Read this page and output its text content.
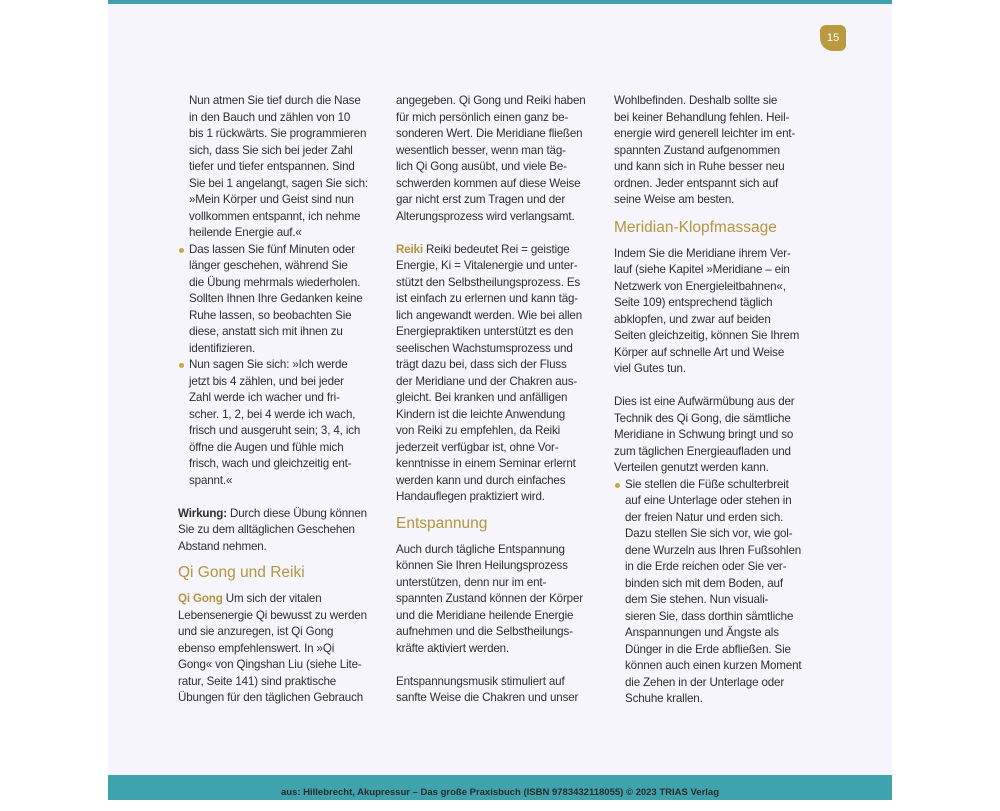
15
Nun atmen Sie tief durch die Nase
in den Bauch und zählen von 10
bis 1 rückwärts. Sie programmieren
sich, dass Sie sich bei jeder Zahl
tiefer und tiefer entspannen. Sind
Sie bei 1 angelangt, sagen Sie sich:
»Mein Körper und Geist sind nun
vollkommen entspannt, ich nehme
heilende Energie auf.«
Das lassen Sie fünf Minuten oder
länger geschehen, während Sie
die Übung mehrmals wiederholen.
Sollten Ihnen Ihre Gedanken keine
Ruhe lassen, so beobachten Sie
diese, anstatt sich mit ihnen zu
identifizieren.
Nun sagen Sie sich: »Ich werde
jetzt bis 4 zählen, und bei jeder
Zahl werde ich wacher und fri-
scher. 1, 2, bei 4 werde ich wach,
frisch und ausgeruht sein; 3, 4, ich
öffne die Augen und fühle mich
frisch, wach und gleichzeitig ent-
spannt.«
Wirkung: Durch diese Übung können
Sie zu dem alltäglichen Geschehen
Abstand nehmen.
Qi Gong und Reiki
Qi Gong Um sich der vitalen
Lebensenergie Qi bewusst zu werden
und sie anzuregen, ist Qi Gong
ebenso empfehlenswert. In »Qi
Gong« von Qingshan Liu (siehe Lite-
ratur, Seite 141) sind praktische
Übungen für den täglichen Gebrauch
angegeben. Qi Gong und Reiki haben
für mich persönlich einen ganz be-
sonderen Wert. Die Meridiane fließen
wesentlich besser, wenn man täg-
lich Qi Gong ausübt, und viele Be-
schwerden kommen auf diese Weise
gar nicht erst zum Tragen und der
Alterungsprozess wird verlangsamt.
Reiki Reiki bedeutet Rei = geistige
Energie, Ki = Vitalenergie und unter-
stützt den Selbstheilungsprozess. Es
ist einfach zu erlernen und kann täg-
lich angewandt werden. Wie bei allen
Energiepraktiken unterstützt es den
seelischen Wachstumsprozess und
trägt dazu bei, dass sich der Fluss
der Meridiane und der Chakren aus-
gleicht. Bei kranken und anfälligen
Kindern ist die leichte Anwendung
von Reiki zu empfehlen, da Reiki
jederzeit verfügbar ist, ohne Vor-
kenntnisse in einem Seminar erlernt
werden kann und durch einfaches
Handauflegen praktiziert wird.
Entspannung
Auch durch tägliche Entspannung
können Sie Ihren Heilungsprozess
unterstützen, denn nur im ent-
spannten Zustand können der Körper
und die Meridiane heilende Energie
aufnehmen und die Selbstheilungs-
kräfte aktiviert werden.
Entspannungsmusik stimuliert auf
sanfte Weise die Chakren und unser
Wohlbefinden. Deshalb sollte sie
bei keiner Behandlung fehlen. Heil-
energie wird generell leichter im ent-
spannten Zustand aufgenommen
und kann sich in Ruhe besser neu
ordnen. Jeder entspannt sich auf
seine Weise am besten.
Meridian-Klopfmassage
Indem Sie die Meridiane ihrem Ver-
lauf (siehe Kapitel »Meridiane – ein
Netzwerk von Energieleitbahnen«,
Seite 109) entsprechend täglich
abklopfen, und zwar auf beiden
Seiten gleichzeitig, können Sie Ihrem
Körper auf schnelle Art und Weise
viel Gutes tun.
Dies ist eine Aufwärmübung aus der
Technik des Qi Gong, die sämtliche
Meridiane in Schwung bringt und so
zum täglichen Energieaufladen und
Verteilen genutzt werden kann.
Sie stellen die Füße schulterbreit
auf eine Unterlage oder stehen in
der freien Natur und erden sich.
Dazu stellen Sie sich vor, wie gol-
dene Wurzeln aus Ihren Fußsohlen
in die Erde reichen oder Sie ver-
binden sich mit dem Boden, auf
dem Sie stehen. Nun visuali-
sieren Sie, dass dorthin sämtliche
Anspannungen und Ängste als
Dünger in die Erde abfließen. Sie
können auch einen kurzen Moment
die Zehen in der Unterlage oder
Schuhe krallen.
aus: Hillebrecht, Akupressur – Das große Praxisbuch (ISBN 9783432118055) © 2023 TRIAS Verlag
